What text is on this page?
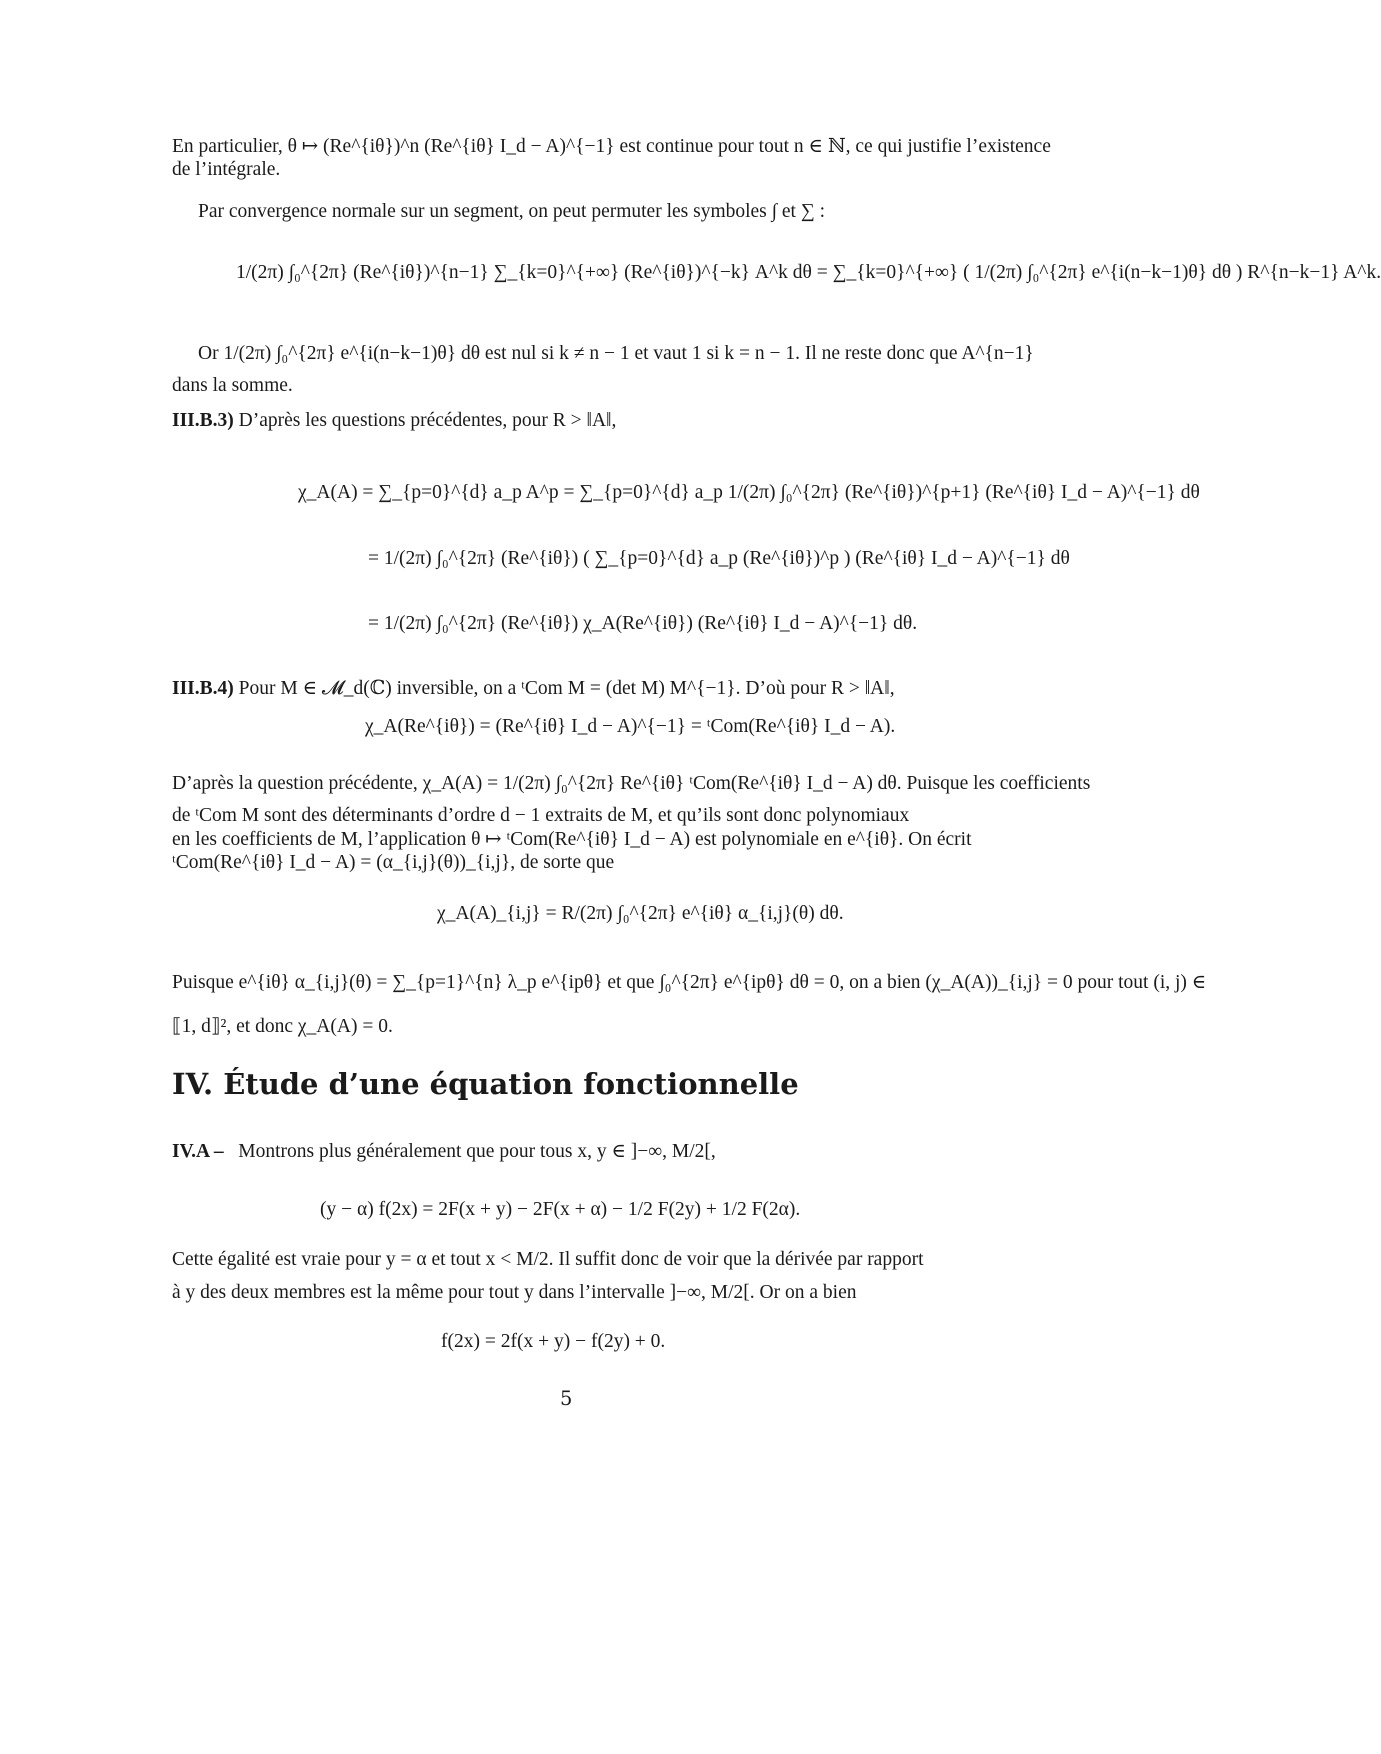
En particulier, θ ↦ (Re^{iθ})^n (Re^{iθ} I_d − A)^{−1} est continue pour tout n ∈ ℕ, ce qui justifie l’existence
de l’intégrale.
Par convergence normale sur un segment, on peut permuter les symboles ∫ et ∑ :
1/(2π) ∫₀^{2π} (Re^{iθ})^{n−1} ∑_{k=0}^{+∞} (Re^{iθ})^{−k} A^k dθ = ∑_{k=0}^{+∞} ( 1/(2π) ∫₀^{2π} e^{i(n−k−1)θ} dθ ) R^{n−k−1} A^k.
Or 1/(2π) ∫₀^{2π} e^{i(n−k−1)θ} dθ est nul si k ≠ n − 1 et vaut 1 si k = n − 1. Il ne reste donc que A^{n−1}
dans la somme.
III.B.3) D’après les questions précédentes, pour R > ‖A‖,
χ_A(A) = ∑_{p=0}^{d} a_p A^p = ∑_{p=0}^{d} a_p 1/(2π) ∫₀^{2π} (Re^{iθ})^{p+1} (Re^{iθ} I_d − A)^{−1} dθ
= 1/(2π) ∫₀^{2π} (Re^{iθ}) ( ∑_{p=0}^{d} a_p (Re^{iθ})^p ) (Re^{iθ} I_d − A)^{−1} dθ
= 1/(2π) ∫₀^{2π} (Re^{iθ}) χ_A(Re^{iθ}) (Re^{iθ} I_d − A)^{−1} dθ.
III.B.4) Pour M ∈ 𝓜_d(ℂ) inversible, on a ᵗCom M = (det M) M^{−1}. D’où pour R > ‖A‖,
χ_A(Re^{iθ}) = (Re^{iθ} I_d − A)^{−1} = ᵗCom(Re^{iθ} I_d − A).
D’après la question précédente, χ_A(A) = 1/(2π) ∫₀^{2π} Re^{iθ} ᵗCom(Re^{iθ} I_d − A) dθ. Puisque les coefficients
de ᵗCom M sont des déterminants d’ordre d − 1 extraits de M, et qu’ils sont donc polynomiaux
en les coefficients de M, l’application θ ↦ ᵗCom(Re^{iθ} I_d − A) est polynomiale en e^{iθ}. On écrit
ᵗCom(Re^{iθ} I_d − A) = (α_{i,j}(θ))_{i,j}, de sorte que
χ_A(A)_{i,j} = R/(2π) ∫₀^{2π} e^{iθ} α_{i,j}(θ) dθ.
Puisque e^{iθ} α_{i,j}(θ) = ∑_{p=1}^{n} λ_p e^{ipθ} et que ∫₀^{2π} e^{ipθ} dθ = 0, on a bien (χ_A(A))_{i,j} = 0 pour tout (i, j) ∈
⟦1, d⟧², et donc χ_A(A) = 0.
IV. Étude d’une équation fonctionnelle
IV.A – Montrons plus généralement que pour tous x, y ∈ ]−∞, M/2[,
(y − α) f(2x) = 2F(x + y) − 2F(x + α) − 1/2 F(2y) + 1/2 F(2α).
Cette égalité est vraie pour y = α et tout x < M/2. Il suffit donc de voir que la dérivée par rapport
à y des deux membres est la même pour tout y dans l’intervalle ]−∞, M/2[. Or on a bien
f(2x) = 2f(x + y) − f(2y) + 0.
5
